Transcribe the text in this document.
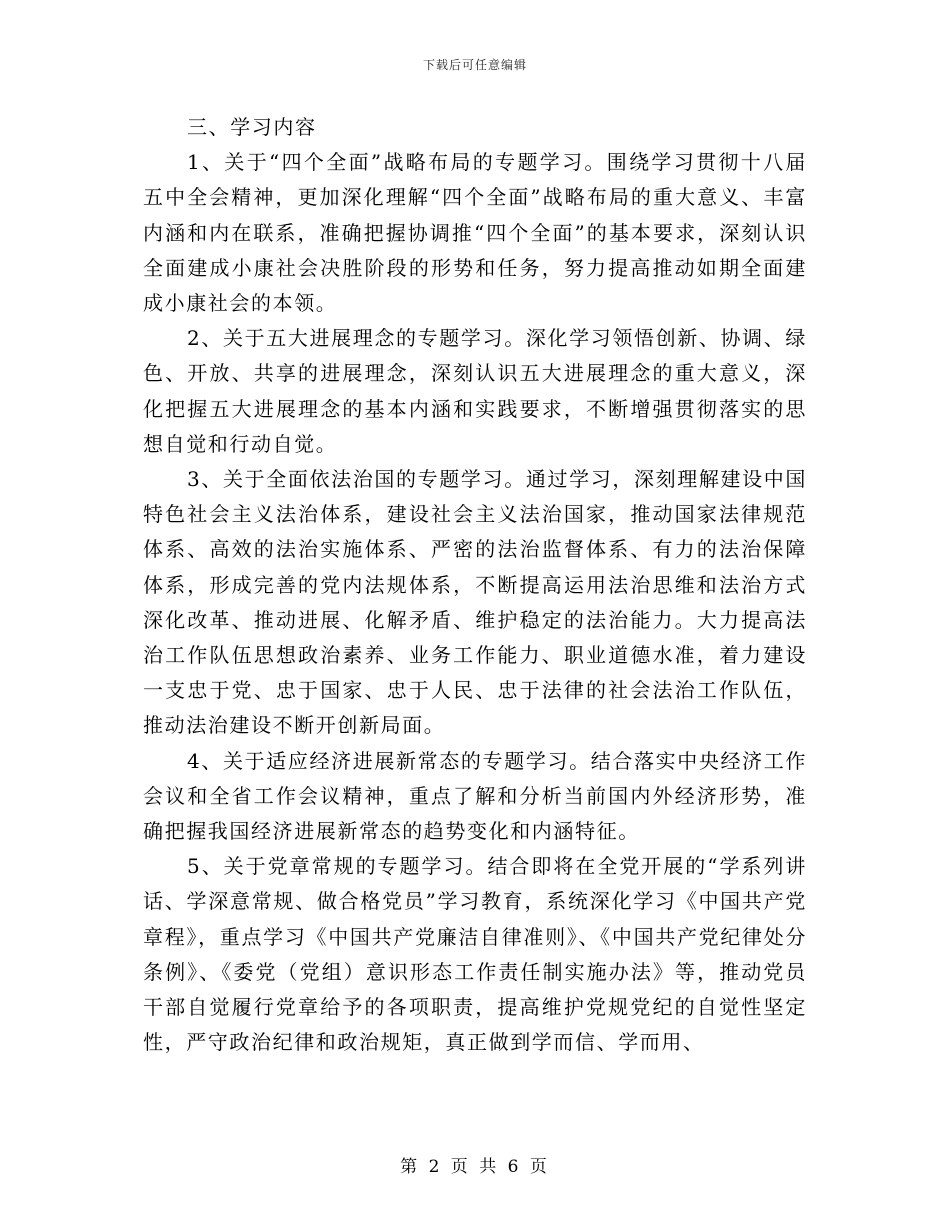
下载后可任意编辑

三、学习内容

1、关于“四个全面”战略布局的专题学习。围绕学习贯彻十八届五中全会精神，更加深化理解“四个全面”战略布局的重大意义、丰富内涵和内在联系，准确把握协调推“四个全面”的基本要求，深刻认识全面建成小康社会决胜阶段的形势和任务，努力提高推动如期全面建成小康社会的本领。

2、关于五大进展理念的专题学习。深化学习领悟创新、协调、绿色、开放、共享的进展理念，深刻认识五大进展理念的重大意义，深化把握五大进展理念的基本内涵和实践要求，不断增强贯彻落实的思想自觉和行动自觉。

3、关于全面依法治国的专题学习。通过学习，深刻理解建设中国特色社会主义法治体系，建设社会主义法治国家，推动国家法律规范体系、高效的法治实施体系、严密的法治监督体系、有力的法治保障体系，形成完善的党内法规体系，不断提高运用法治思维和法治方式深化改革、推动进展、化解矛盾、维护稳定的法治能力。大力提高法治工作队伍思想政治素养、业务工作能力、职业道德水准，着力建设一支忠于党、忠于国家、忠于人民、忠于法律的社会法治工作队伍，推动法治建设不断开创新局面。

4、关于适应经济进展新常态的专题学习。结合落实中央经济工作会议和全省工作会议精神，重点了解和分析当前国内外经济形势，准确把握我国经济进展新常态的趋势变化和内涵特征。

5、关于党章常规的专题学习。结合即将在全党开展的“学系列讲话、学深意常规、做合格党员”学习教育，系统深化学习《中国共产党章程》，重点学习《中国共产党廉洁自律准则》、《中国共产党纪律处分条例》、《委党（党组）意识形态工作责任制实施办法》等，推动党员干部自觉履行党章给予的各项职责，提高维护党规党纪的自觉性坚定性，严守政治纪律和政治规矩，真正做到学而信、学而用、

第 2 页 共 6 页
